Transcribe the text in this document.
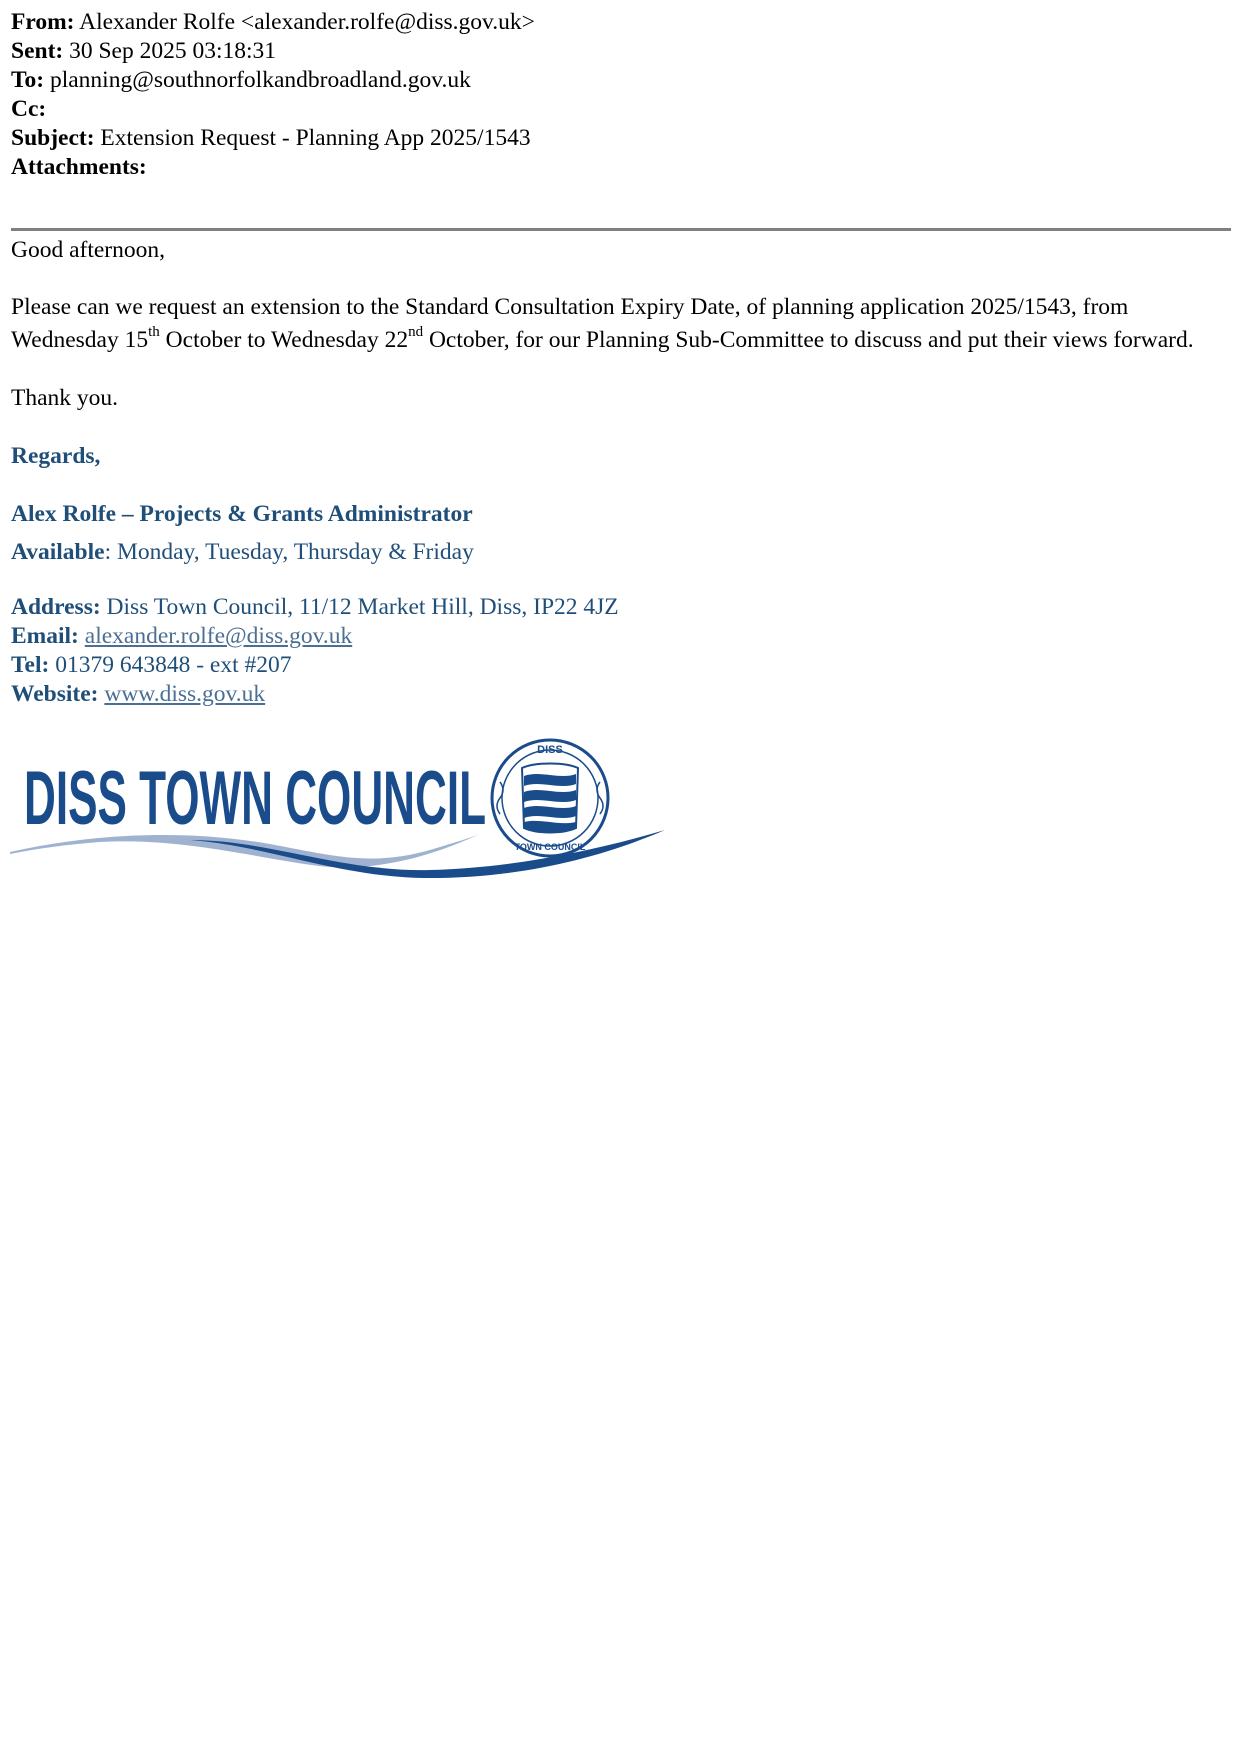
From: Alexander Rolfe <alexander.rolfe@diss.gov.uk>
Sent: 30 Sep 2025 03:18:31
To: planning@southnorfolkandbroadland.gov.uk
Cc:
Subject: Extension Request - Planning App 2025/1543
Attachments:

Good afternoon,

Please can we request an extension to the Standard Consultation Expiry Date, of planning application 2025/1543, from Wednesday 15th October to Wednesday 22nd October, for our Planning Sub-Committee to discuss and put their views forward.

Thank you.

Regards,

Alex Rolfe – Projects & Grants Administrator

Available: Monday, Tuesday, Thursday & Friday

Address: Diss Town Council, 11/12 Market Hill, Diss, IP22 4JZ
Email: alexander.rolfe@diss.gov.uk
Tel: 01379 643848 - ext #207
Website: www.diss.gov.uk
DISS TOWN COUNCIL
DISS
TOWN COUNCIL
